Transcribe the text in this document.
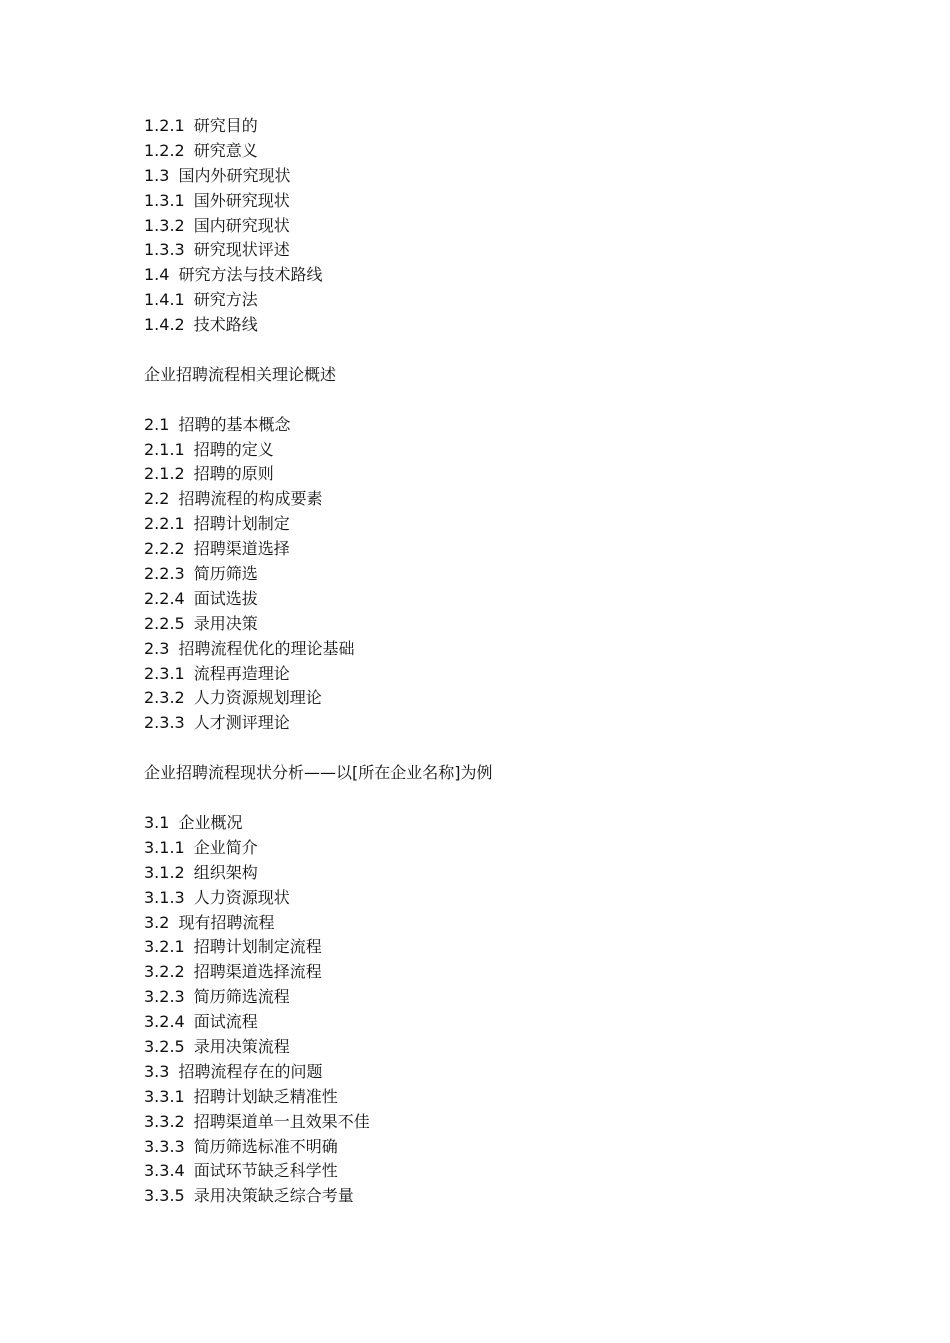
1.2.1 研究目的
1.2.2 研究意义
1.3 国内外研究现状
1.3.1 国外研究现状
1.3.2 国内研究现状
1.3.3 研究现状评述
1.4 研究方法与技术路线
1.4.1 研究方法
1.4.2 技术路线
企业招聘流程相关理论概述
2.1 招聘的基本概念
2.1.1 招聘的定义
2.1.2 招聘的原则
2.2 招聘流程的构成要素
2.2.1 招聘计划制定
2.2.2 招聘渠道选择
2.2.3 简历筛选
2.2.4 面试选拔
2.2.5 录用决策
2.3 招聘流程优化的理论基础
2.3.1 流程再造理论
2.3.2 人力资源规划理论
2.3.3 人才测评理论
企业招聘流程现状分析——以[所在企业名称]为例
3.1 企业概况
3.1.1 企业简介
3.1.2 组织架构
3.1.3 人力资源现状
3.2 现有招聘流程
3.2.1 招聘计划制定流程
3.2.2 招聘渠道选择流程
3.2.3 简历筛选流程
3.2.4 面试流程
3.2.5 录用决策流程
3.3 招聘流程存在的问题
3.3.1 招聘计划缺乏精准性
3.3.2 招聘渠道单一且效果不佳
3.3.3 简历筛选标准不明确
3.3.4 面试环节缺乏科学性
3.3.5 录用决策缺乏综合考量
